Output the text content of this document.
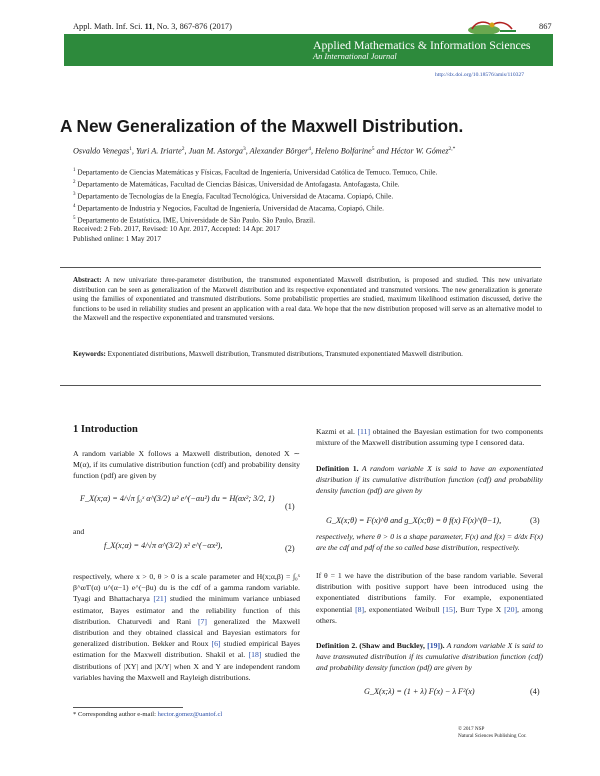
Appl. Math. Inf. Sci. 11, No. 3, 867-876 (2017)	867
Applied Mathematics & Information Sciences
An International Journal
http://dx.doi.org/10.18576/amis/110327
A New Generalization of the Maxwell Distribution.
Osvaldo Venegas$^1$, Yuri A. Iriarte$^2$, Juan M. Astorga$^3$, Alexander Börger$^4$, Heleno Bolfarine$^5$ and Héctor W. Gómez$^{2,*}$
$^1$ Departamento de Ciencias Matemáticas y Físicas, Facultad de Ingeniería, Universidad Católica de Temuco. Temuco, Chile.
$^2$ Departamento de Matemáticas, Facultad de Ciencias Básicas, Universidad de Antofagasta. Antofagasta, Chile.
$^3$ Departamento de Tecnologías de la Enegía, Facultad Tecnológica, Universidad de Atacama. Copiapó, Chile.
$^4$ Departamento de Industria y Negocios, Facultad de Ingeniería, Universidad de Atacama, Copiapó, Chile.
$^5$ Departamento de Estatística, IME, Universidade de São Paulo. São Paulo, Brazil.
Received: 2 Feb. 2017, Revised: 10 Apr. 2017, Accepted: 14 Apr. 2017
Published online: 1 May 2017
Abstract: A new univariate three-parameter distribution, the transmuted exponentiated Maxwell distribution, is proposed and studied. This new univariate distribution can be seen as generalization of the Maxwell distribution and its respective exponentiated and transmuted versions. The new generalization is generate using the families of exponentiated and transmuted distributions. Some probabilistic properties are studied, maximum likelihood estimation discussed, derive the functions to be used in reliability studies and present an application with a real data. We hope that the new distribution proposed will serve as an alternative model to the Maxwell and the respective exponentiated and transmuted versions.
Keywords: Exponentiated distributions, Maxwell distribution, Transmuted distributions, Transmuted exponentiated Maxwell distribution.
1 Introduction

A random variable X follows a Maxwell distribution, denoted X ∼ M(α), if its cumulative distribution function (cdf) and probability density function (pdf) are given by

F_X(x;α) = 4/√π ∫₀ˣ α^(3/2) u² e^(−αu²) du = H(αx²; 3/2, 1)
(1)

and

f_X(x;α) = 4/√π α^(3/2) x² e^(−αx²),	(2)

respectively, where x > 0, θ > 0 is a scale parameter and H(x;α,β) = ∫₀ˣ β^α/Γ(α) u^(α−1) e^(−βu) du is the cdf of a gamma random variable. Tyagi and Bhattacharya [21] studied the minimum variance unbiased estimator, Bayes estimator and the reliability function of this distribution. Chaturvedi and Rani [7] generalized the Maxwell distribution and they obtained classical and Bayesian estimators for generalized distribution. Bekker and Roux [6] studied empirical Bayes estimation for the Maxwell distribution. Shakil et al. [18] studied the distributions of |XY| and |X/Y| when X and Y are independent random variables having the Maxwell and Rayleigh distributions.

Kazmi et al. [11] obtained the Bayesian estimation for two components mixture of the Maxwell distribution assuming type I censored data.

Definition 1. A random variable X is said to have an exponentiated distribution if its cumulative distribution function (cdf) and probability density function (pdf) are given by

G_X(x;θ) = F(x)^θ and g_X(x;θ) = θ f(x) F(x)^(θ−1),	(3)

respectively, where θ > 0 is a shape parameter, F(x) and f(x) = d/dx F(x) are the cdf and pdf of the so called base distribution, respectively.

If θ = 1 we have the distribution of the base random variable. Several distribution with positive support have been introduced using the exponentiated distributions family. For example, exponentiated exponential [8], exponentiated Weibull [15], Burr Type X [20], among others.

Definition 2. (Shaw and Buckley, [19]). A random variable X is said to have transmuted distribution if its cumulative distribution function (cdf) and probability density function (pdf) are given by

G_X(x;λ) = (1 + λ) F(x) − λ F²(x)	(4)
* Corresponding author e-mail: hector.gomez@uantof.cl
© 2017 NSP
Natural Sciences Publishing Cor.
